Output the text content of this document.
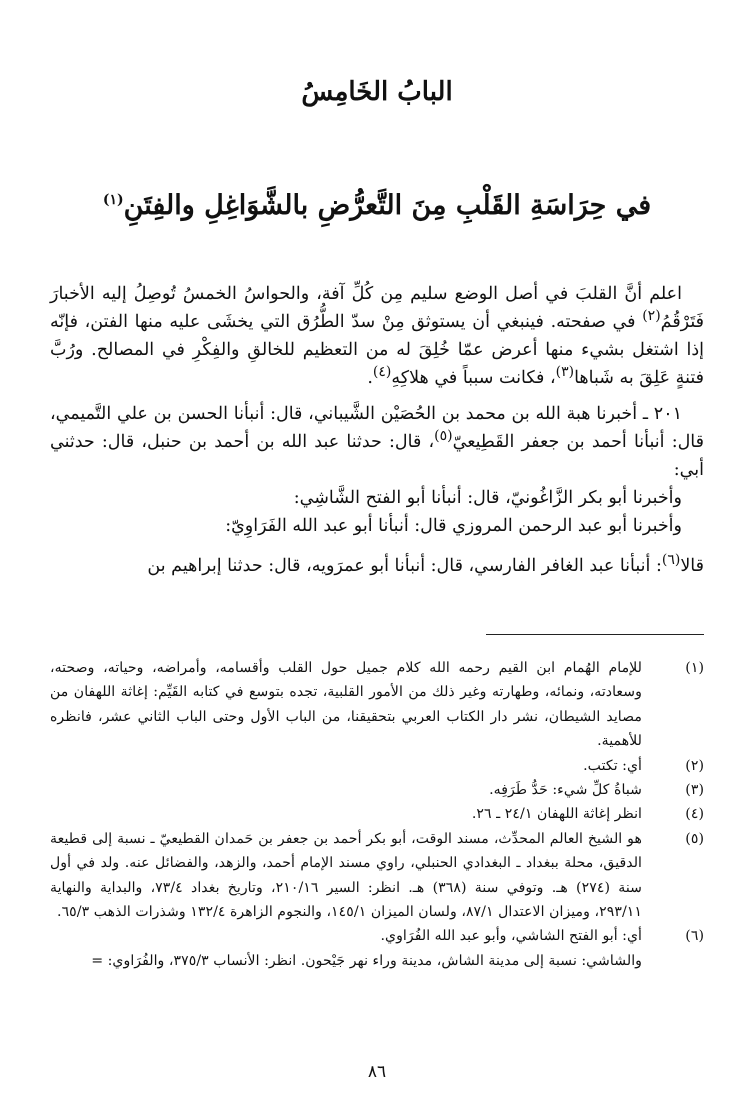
البابُ الخَامِسُ
في حِرَاسَةِ القَلْبِ مِنَ التَّعرُّضِ بالشَّوَاغِلِ والفِتَنِ$^{(١)}$

اعلم أنَّ القلبَ في أصل الوضع سليم مِن كُلِّ آفة، والحواسُ الخمسُ تُوصِلُ إليه الأخبارَ فَتَرْقُمُ$^{(٢)}$ في صفحته. فينبغي أن يستوثق مِنْ سدّ الطُّرُق التي يخشَى عليه منها الفتن، فإنّه إذا اشتغل بشيء منها أعرض عمّا خُلِقَ له من التعظيم للخالقِ والفِكْرِ في المصالح. ورُبَّ فتنةٍ عَلِقَ به شَباها$^{(٣)}$، فكانت سبباً في هلاكِهِ$^{(٤)}$.

٢٠١ ـ أخبرنا هبة الله بن محمد بن الحُصَيْن الشَّيباني، قال: أنبأنا الحسن بن علي التَّميمي، قال: أنبأنا أحمد بن جعفر القَطِيعيّ$^{(٥)}$، قال: حدثنا عبد الله بن أحمد بن حنبل، قال: حدثني أبي:

وأخبرنا أبو بكر الزَّاغُونيّ، قال: أنبأنا أبو الفتح الشَّاشِي:

وأخبرنا أبو عبد الرحمن المروزي قال: أنبأنا أبو عبد الله الفَرَاوِيّ:

قالا$^{(٦)}$: أنبأنا عبد الغافر الفارسي، قال: أنبأنا أبو عمرَويه، قال: حدثنا إبراهيم بن

(١)
للإمام الهُمام ابن القيم رحمه الله كلام جميل حول القلب وأقسامه، وأمراضه، وحياته، وصحته، وسعادته، ونمائه، وطهارته وغير ذلك من الأمور القلبية، تجده بتوسع في كتابه القَيِّم: إغاثة اللهفان من مصايد الشيطان، نشر دار الكتاب العربي بتحقيقنا، من الباب الأول وحتى الباب الثاني عشر، فانظره للأهمية.
(٢)
أي: تكتب.
(٣)
شباةُ كلِّ شيء: حَدُّ طَرَفِه.
(٤)
انظر إغاثة اللهفان ٢٤/١ ـ ٢٦.
(٥)
هو الشيخ العالم المحدِّث، مسند الوقت، أبو بكر أحمد بن جعفر بن حَمدان القطيعيّ ـ نسبة إلى قطيعة الدقيق، محلة ببغداد ـ البغدادي الحنبلي، راوي مسند الإمام أحمد، والزهد، والفضائل عنه. ولد في أول سنة (٢٧٤) هـ. وتوفي سنة (٣٦٨) هـ. انظر: السير ٢١٠/١٦، وتاريخ بغداد ٧٣/٤، والبداية والنهاية ٢٩٣/١١، وميزان الاعتدال ٨٧/١، ولسان الميزان ١٤٥/١، والنجوم الزاهرة ١٣٢/٤ وشذرات الذهب ٦٥/٣.
(٦)
أي: أبو الفتح الشاشي، وأبو عبد الله الفُرَاوي.
والشاشي: نسبة إلى مدينة الشاش، مدينة وراء نهر جَيْحون. انظر: الأنساب ٣٧٥/٣، والفُرَاوي: =
٨٦
